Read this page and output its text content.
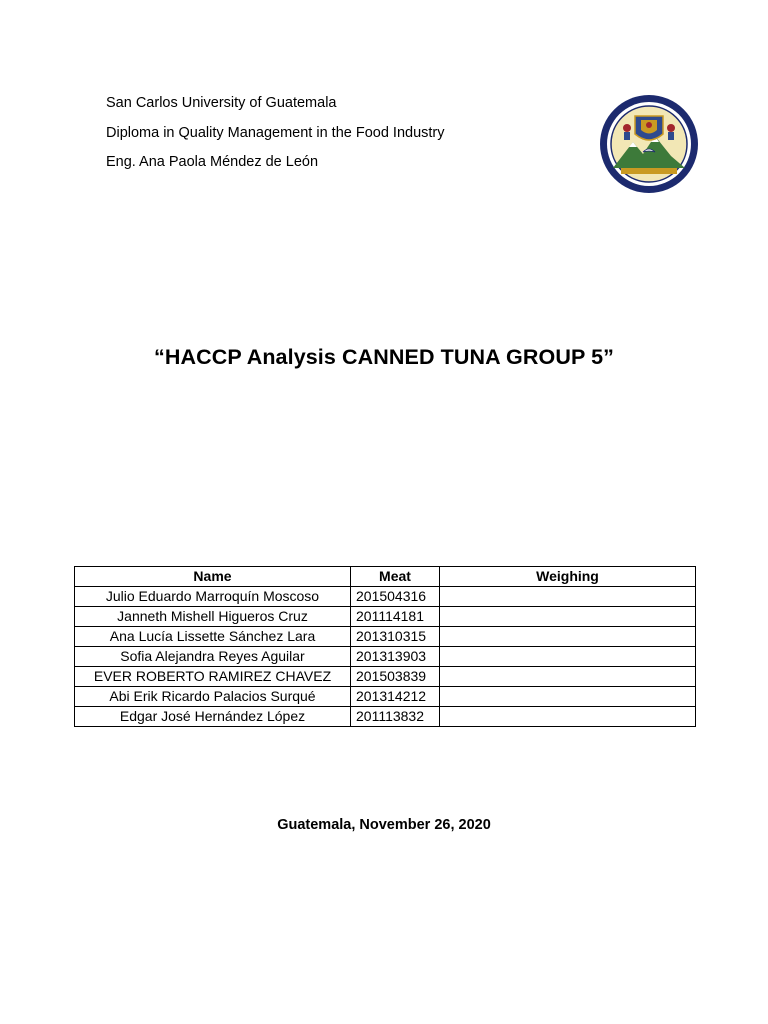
San Carlos University of Guatemala
Diploma in Quality Management in the Food Industry
Eng. Ana Paola Méndez de León
“HACCP Analysis CANNED TUNA GROUP 5”
Name	Meat	Weighing
Julio Eduardo Marroquín Moscoso	201504316	
Janneth Mishell Higueros Cruz	201114181	
Ana Lucía Lissette Sánchez Lara	201310315	
Sofia Alejandra Reyes Aguilar	201313903	
EVER ROBERTO RAMIREZ CHAVEZ	201503839	
Abi Erik Ricardo Palacios Surqué	201314212	
Edgar José Hernández López	201113832	
Guatemala, November 26, 2020
